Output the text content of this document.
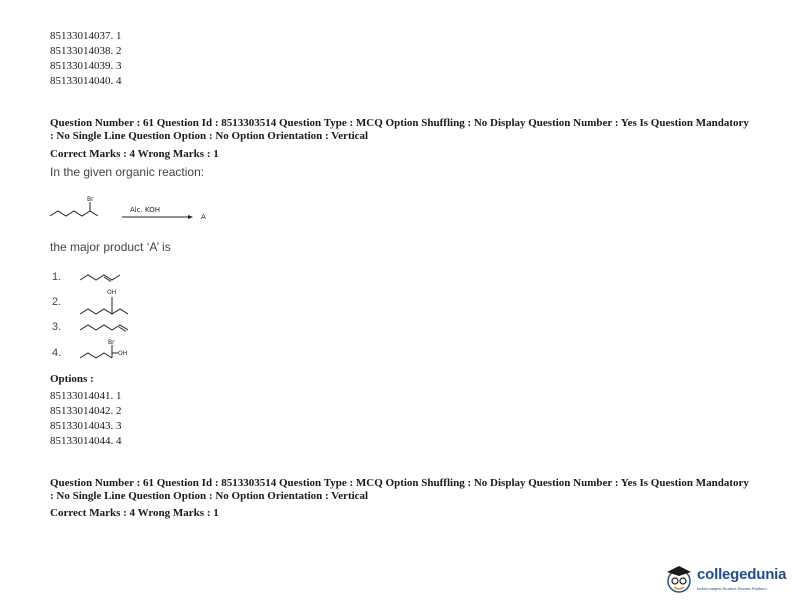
85133014037. 1
85133014038. 2
85133014039. 3
85133014040. 4
Question Number : 61 Question Id : 8513303514 Question Type : MCQ Option Shuffling : No Display Question Number : Yes Is Question Mandatory : No Single Line Question Option : No Option Orientation : Vertical
Correct Marks : 4 Wrong Marks : 1
In the given organic reaction:
Br
Alc. KOH
A
the major product ‘A’ is
1.
2.
OH
3.
4.
Br
OH
Options :
85133014041. 1
85133014042. 2
85133014043. 3
85133014044. 4
Question Number : 61 Question Id : 8513303514 Question Type : MCQ Option Shuffling : No Display Question Number : Yes Is Question Mandatory : No Single Line Question Option : No Option Orientation : Vertical
Correct Marks : 4 Wrong Marks : 1
collegedunia
India's largest Student Review Platform
